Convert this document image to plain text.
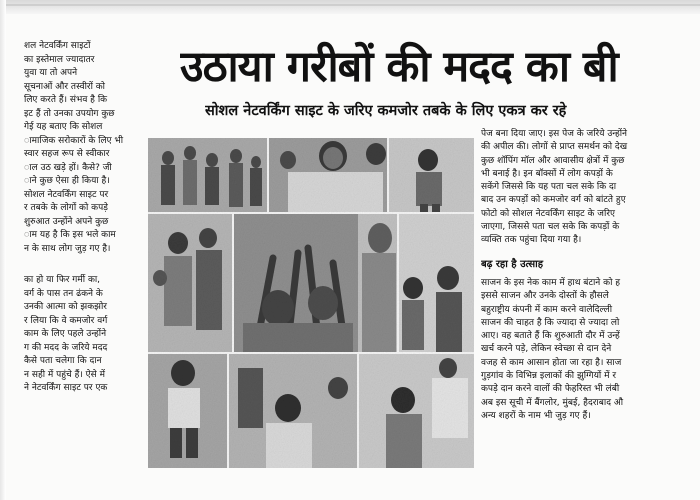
शल नेटवर्किंग साइटों
का इस्तेमाल ज्यादातर
युवा या तो अपने
सूचनाओं और तस्वीरों को
लिए करते हैं। संभव है कि
इट हैं तो उनका उपयोग कुछ
गेई यह बताए कि सोशल
ामाजिक सरोकारों के लिए भी
स्वार सहज रूप से स्वीकार
ाल उठ खड़े हों। कैसे? जी
ाने कुछ ऐसा ही किया है।
सोशल नेटवर्किंग साइट पर
र तबके के लोगों को कपड़े
शुरुआत उन्होंने अपने कुछ
ाम यह है कि इस भले काम
न के साथ लोग जुड़ गए है।
का हो या फिर गर्मी का,
वर्ग के पास तन ढंकने के
उनकी आत्मा को झकझोर
र लिया कि वे कमजोर वर्ग
काम के लिए पहले उन्होंने
ग की मदद के जरिये मदद
कैसे पता चलेगा कि दान
न सही में पहुंचे हैं। ऐसे में
ने नेटवर्किंग साइट पर एक
उठाया गरीबों की मदद का बी
सोशल नेटवर्किंग साइट के जरिए कमजोर तबके के लिए एकत्र कर रहे
पेज बना दिया जाए। इस पेज के जरिये उन्होंने
की अपील की। लोगों से प्राप्त समर्थन को देख
कुछ शॉपिंग मॉल और आवासीय क्षेत्रों में कुछ
भी बनाई है। इन बॉक्सों में लोग कपड़ों के
सकेंगे जिससे कि यह पता चल सके कि दा
बाद उन कपड़ों को कमजोर वर्ग को बांटते हुए
फोटो को सोशल नेटवर्किंग साइट के जरिए
जाएगा, जिससे पता चल सके कि कपड़ों के
व्यक्ति तक पहुंचा दिया गया है।
बढ़ रहा है उत्साह
साजन के इस नेक काम में हाथ बंटाने को ह
इससे साजन और उनके दोस्तों के हौसले
बहुराष्ट्रीय कंपनी में काम करने वालेदिल्ली
साजन की चाहत है कि ज्यादा से ज्यादा लो
आए। वह बताते हैं कि शुरुआती दौर में उन्हें
खर्च करने पड़े, लेकिन स्वेच्छा से दान देने
वजह से काम आसान होता जा रहा है। साज
गुड़गांव के विभिन्न इलाकों की झुग्गियों में र
कपड़े दान करने वालों की फेहरिस्त भी लंबी
अब इस सूची में बैंगलोर, मुंबई, हैदराबाद औ
अन्य शहरों के नाम भी जुड़ गए हैं।
